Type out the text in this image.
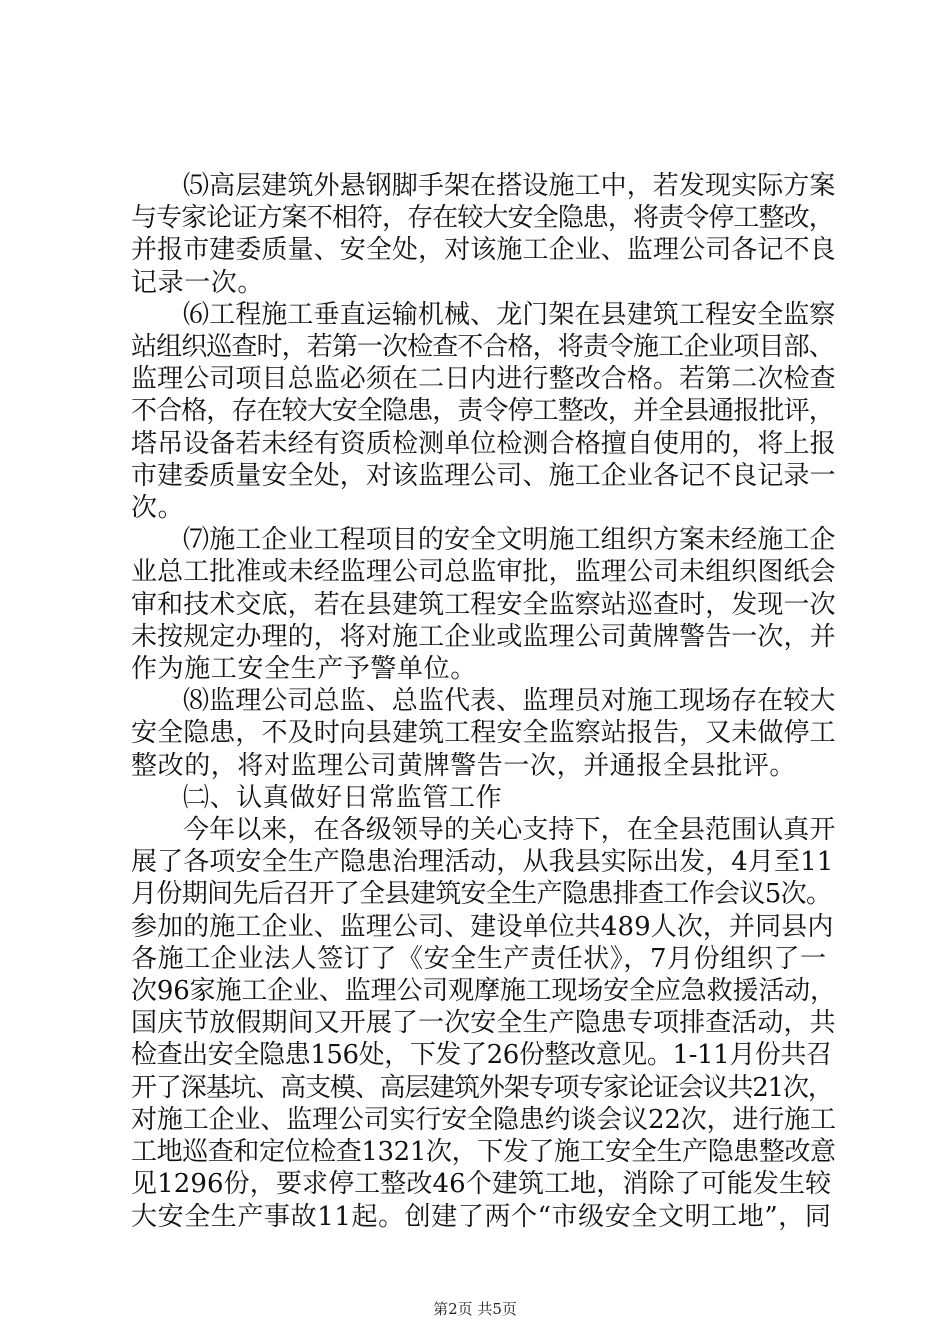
⑸高层建筑外悬钢脚手架在搭设施工中，若发现实际方案
与专家论证方案不相符，存在较大安全隐患，将责令停工整改，
并报市建委质量、安全处，对该施工企业、监理公司各记不良
记录一次。

⑹工程施工垂直运输机械、龙门架在县建筑工程安全监察
站组织巡查时，若第一次检查不合格，将责令施工企业项目部、
监理公司项目总监必须在二日内进行整改合格。若第二次检查
不合格，存在较大安全隐患，责令停工整改，并全县通报批评，
塔吊设备若未经有资质检测单位检测合格擅自使用的，将上报
市建委质量安全处，对该监理公司、施工企业各记不良记录一
次。

⑺施工企业工程项目的安全文明施工组织方案未经施工企
业总工批准或未经监理公司总监审批，监理公司未组织图纸会
审和技术交底，若在县建筑工程安全监察站巡查时，发现一次
未按规定办理的，将对施工企业或监理公司黄牌警告一次，并
作为施工安全生产予警单位。

⑻监理公司总监、总监代表、监理员对施工现场存在较大
安全隐患，不及时向县建筑工程安全监察站报告，又未做停工
整改的，将对监理公司黄牌警告一次，并通报全县批评。

㈡、认真做好日常监管工作

今年以来，在各级领导的关心支持下，在全县范围认真开
展了各项安全生产隐患治理活动，从我县实际出发，4月至11
月份期间先后召开了全县建筑安全生产隐患排查工作会议5次。
参加的施工企业、监理公司、建设单位共489人次，并同县内
各施工企业法人签订了《安全生产责任状》，7月份组织了一
次96家施工企业、监理公司观摩施工现场安全应急救援活动，
国庆节放假期间又开展了一次安全生产隐患专项排查活动，共
检查出安全隐患156处，下发了26份整改意见。1-11月份共召
开了深基坑、高支模、高层建筑外架专项专家论证会议共21次，
对施工企业、监理公司实行安全隐患约谈会议22次，进行施工
工地巡查和定位检查1321次，下发了施工安全生产隐患整改意
见1296份，要求停工整改46个建筑工地，消除了可能发生较
大安全生产事故11起。创建了两个“市级安全文明工地”，同

第2页 共5页
